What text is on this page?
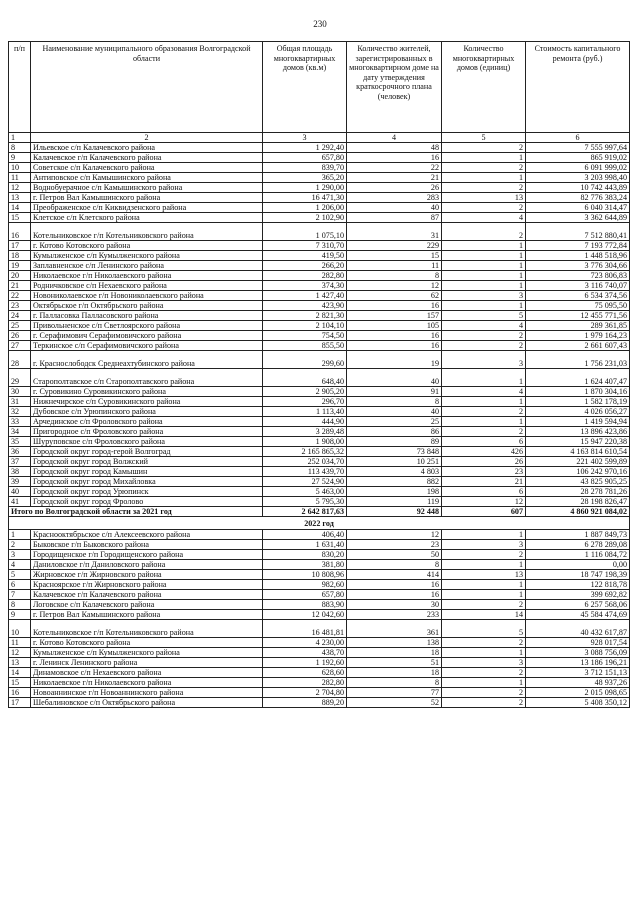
230
п/п	Наименование муниципального образования Волгоградской области	Общая площадь многоквартирных домов (кв.м)	Количество жителей, зарегистрированных в многоквартирном доме на дату утверждения краткосрочного плана (человек)	Количество многоквартирных домов (единиц)	Стоимость капитального ремонта (руб.)
1	2	3	4	5	6
8	Ильевское с/п Калачевского района	1 292,40	48	2	7 555 997,64
9	Калачевское г/п Калачевского района	657,80	16	1	865 919,02
10	Советское с/п Калачевского района	839,70	22	2	6 091 999,02
11	Антиповское с/п Камышинского района	365,20	21	1	3 203 998,40
12	Воднобуерачное с/п Камышинского района	1 290,00	26	2	10 742 443,89
13	г. Петров Вал Камышинского района	16 471,30	283	13	82 776 383,24
14	Преображенское с/п Киквидзенского района	1 206,00	40	2	6 040 314,47
15	Клетское с/п Клетского района	2 102,90	87	4	3 362 644,89
16	Котельниковское г/п Котельниковского района	1 075,10	31	2	7 512 880,41
17	г. Котово Котовского района	7 310,70	229	1	7 193 772,84
18	Кумылженское с/п Кумылженского района	419,50	15	1	1 448 518,96
19	Заплавненское с/п Ленинского района	266,20	11	1	3 776 304,66
20	Николаевское г/п Николаевского района	282,80	8	1	723 806,83
21	Родничковское с/п Нехаевского района	374,30	12	1	3 116 740,07
22	Новониколаевское г/п Новониколаевского района	1 427,40	62	3	6 534 374,56
23	Октябрьское г/п Октябрьского района	423,90	16	1	75 095,50
24	г. Палласовка Палласовского района	2 821,30	157	5	12 455 771,56
25	Привольненское с/п Светлоярского района	2 104,10	105	4	289 361,85
26	г. Серафимович Серафимовичского района	754,50	16	2	1 979 164,23
27	Теркинское с/п Серафимовичского района	855,50	16	2	2 661 607,43
28	г. Краснослободск Среднеахтубинского района	299,60	19	3	1 756 231,03
29	Старополтавское с/п Старополтавского района	648,40	40	1	1 624 407,47
30	г. Суровикино Суровикинского района	2 905,20	91	4	1 870 304,16
31	Нижнечирское с/п Суровикинского района	296,70	8	1	1 582 178,19
32	Дубовское с/п Урюпинского района	1 113,40	40	2	4 026 056,27
33	Арчединское с/п Фроловского района	444,90	25	1	1 419 594,94
34	Пригородное с/п Фроловского района	3 289,48	86	2	13 896 423,86
35	Шуруповское с/п Фроловского района	1 908,00	89	6	15 947 220,38
36	Городской округ город-герой Волгоград	2 165 865,32	73 848	426	4 163 814 610,54
37	Городской округ город Волжский	252 034,70	10 251	26	221 402 599,89
38	Городской округ город Камышин	113 439,70	4 803	23	106 242 970,16
39	Городской округ город Михайловка	27 524,90	882	21	43 825 905,25
40	Городской округ город Урюпинск	5 463,00	198	6	28 278 781,26
41	Городской округ город Фролово	5 795,30	119	12	28 198 826,47
Итого по Волгоградской области за 2021 год		2 642 817,63	92 448	607	4 860 921 084,02
2022 год					
1	Краснооктябрьское с/п Алексеевского района	406,40	12	1	1 887 849,73
2	Быковское г/п Быковского района	1 631,40	23	3	6 278 289,08
3	Городищенское г/п Городищенского района	830,20	50	2	1 116 084,72
4	Даниловское г/п Даниловского района	381,80	8	1	0,00
5	Жирновское г/п Жирновского района	10 808,96	414	13	18 747 198,39
6	Красноярское г/п Жирновского района	982,60	16	1	122 818,78
7	Калачевское г/п Калачевского района	657,80	16	1	399 692,82
8	Логовское с/п Калачевского района	883,90	30	2	6 257 568,06
9	г. Петров Вал Камышинского района	12 042,60	233	14	45 584 474,69
10	Котельниковское г/п Котельниковского района	16 481,81	361	5	40 432 617,87
11	г. Котово Котовского района	4 230,00	138	2	928 017,54
12	Кумылженское с/п Кумылженского района	438,70	18	1	3 088 756,09
13	г. Ленинск Ленинского района	1 192,60	51	3	13 186 196,21
14	Динамовское с/п Нехаевского района	628,60	18	2	3 712 151,13
15	Николаевское г/п Николаевского района	282,80	8	1	48 937,26
16	Новоаннинское г/п Новоаннинского района	2 704,80	77	2	2 015 098,65
17	Шебалиновское с/п Октябрьского района	889,20	52	2	5 408 350,12
